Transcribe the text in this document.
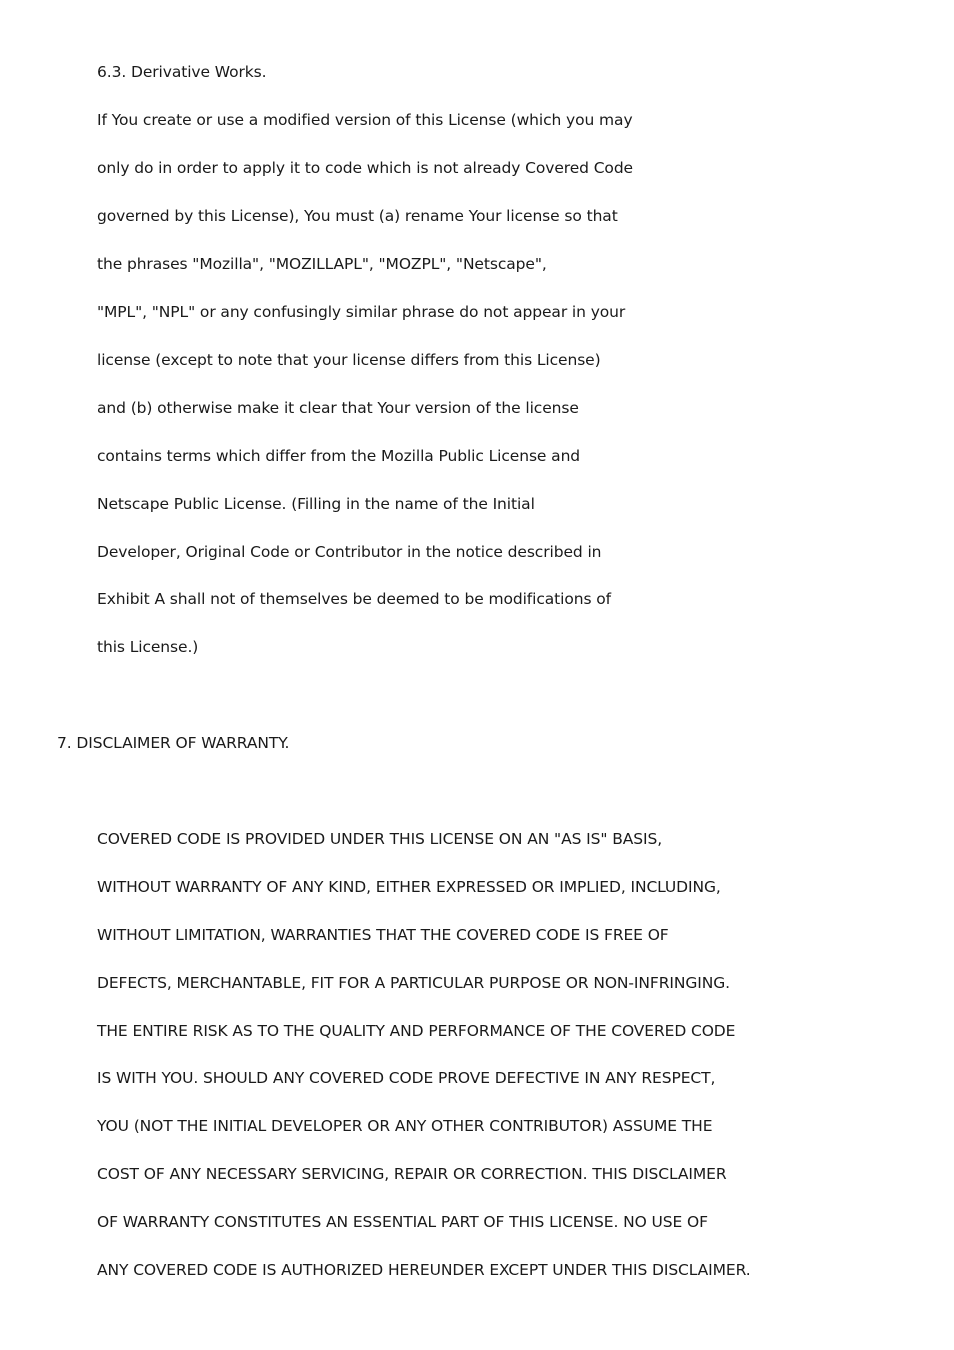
6.3. Derivative Works.
If You create or use a modified version of this License (which you may
only do in order to apply it to code which is not already Covered Code
governed by this License), You must (a) rename Your license so that
the phrases "Mozilla", "MOZILLAPL", "MOZPL", "Netscape",
"MPL", "NPL" or any confusingly similar phrase do not appear in your
license (except to note that your license differs from this License)
and (b) otherwise make it clear that Your version of the license
contains terms which differ from the Mozilla Public License and
Netscape Public License. (Filling in the name of the Initial
Developer, Original Code or Contributor in the notice described in
Exhibit A shall not of themselves be deemed to be modifications of
this License.)
7. DISCLAIMER OF WARRANTY.
COVERED CODE IS PROVIDED UNDER THIS LICENSE ON AN "AS IS" BASIS,
WITHOUT WARRANTY OF ANY KIND, EITHER EXPRESSED OR IMPLIED, INCLUDING,
WITHOUT LIMITATION, WARRANTIES THAT THE COVERED CODE IS FREE OF
DEFECTS, MERCHANTABLE, FIT FOR A PARTICULAR PURPOSE OR NON-INFRINGING.
THE ENTIRE RISK AS TO THE QUALITY AND PERFORMANCE OF THE COVERED CODE
IS WITH YOU. SHOULD ANY COVERED CODE PROVE DEFECTIVE IN ANY RESPECT,
YOU (NOT THE INITIAL DEVELOPER OR ANY OTHER CONTRIBUTOR) ASSUME THE
COST OF ANY NECESSARY SERVICING, REPAIR OR CORRECTION. THIS DISCLAIMER
OF WARRANTY CONSTITUTES AN ESSENTIAL PART OF THIS LICENSE. NO USE OF
ANY COVERED CODE IS AUTHORIZED HEREUNDER EXCEPT UNDER THIS DISCLAIMER.
